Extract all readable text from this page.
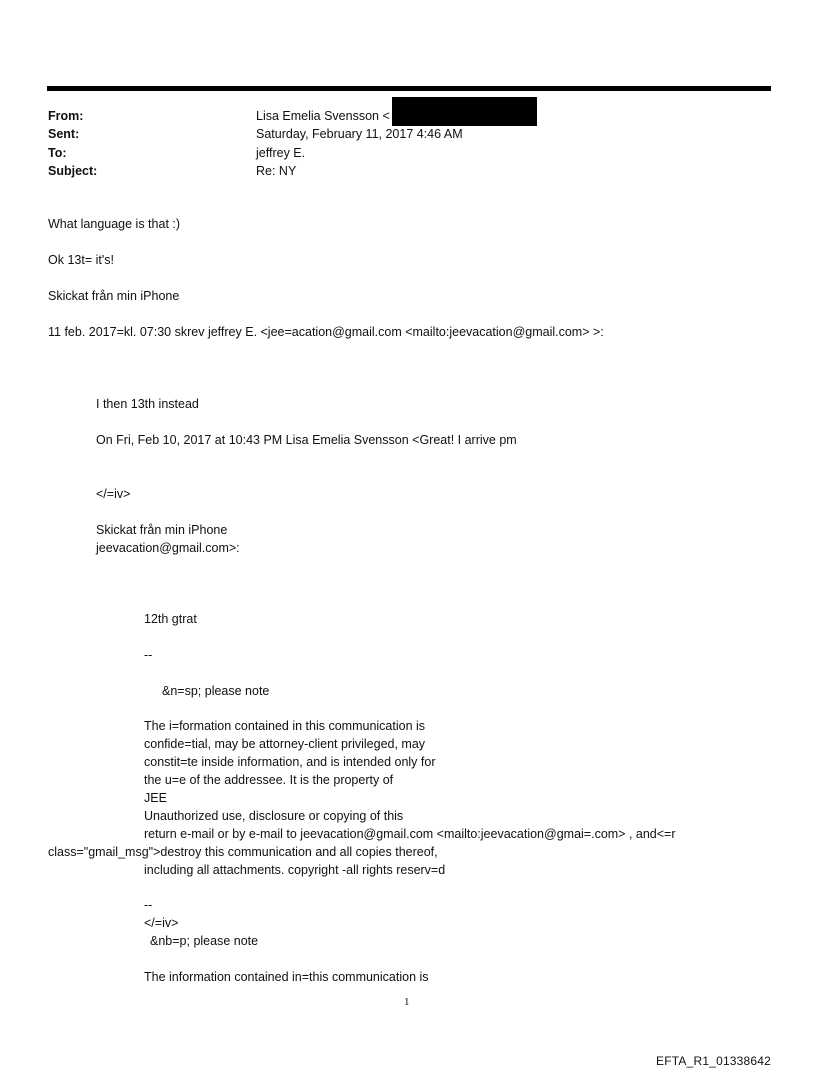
From:	Lisa Emelia Svensson <
Sent:	Saturday, February 11, 2017 4:46 AM
To:	jeffrey E.
Subject:	Re: NY
What language is that :)
Ok 13t= it's!
Skickat från min iPhone
11 feb. 2017=kl. 07:30 skrev jeffrey E. <jee=acation@gmail.com <mailto:jeevacation@gmail.com> >:
I then 13th instead
On Fri, Feb 10, 2017 at 10:43 PM Lisa Emelia Svensson <Great! I arrive pm
</=iv>
Skickat från min iPhone
jeevacation@gmail.com>:
12th gtrat
--
&n=sp; please note
The i=formation contained in this communication is
confide=tial, may be attorney-client privileged, may
constit=te inside information, and is intended only for
the u=e of the addressee. It is the property of
JEE
Unauthorized use, disclosure or copying of this
return e-mail or by e-mail to jeevacation@gmail.com <mailto:jeevacation@gmai=.com> , and<=r
class="gmail_msg">destroy this communication and all copies thereof,
including all attachments. copyright -all rights reserv=d
--
</=iv>
&nb=p; please note
The information contained in=this communication is
1
EFTA_R1_01338642
